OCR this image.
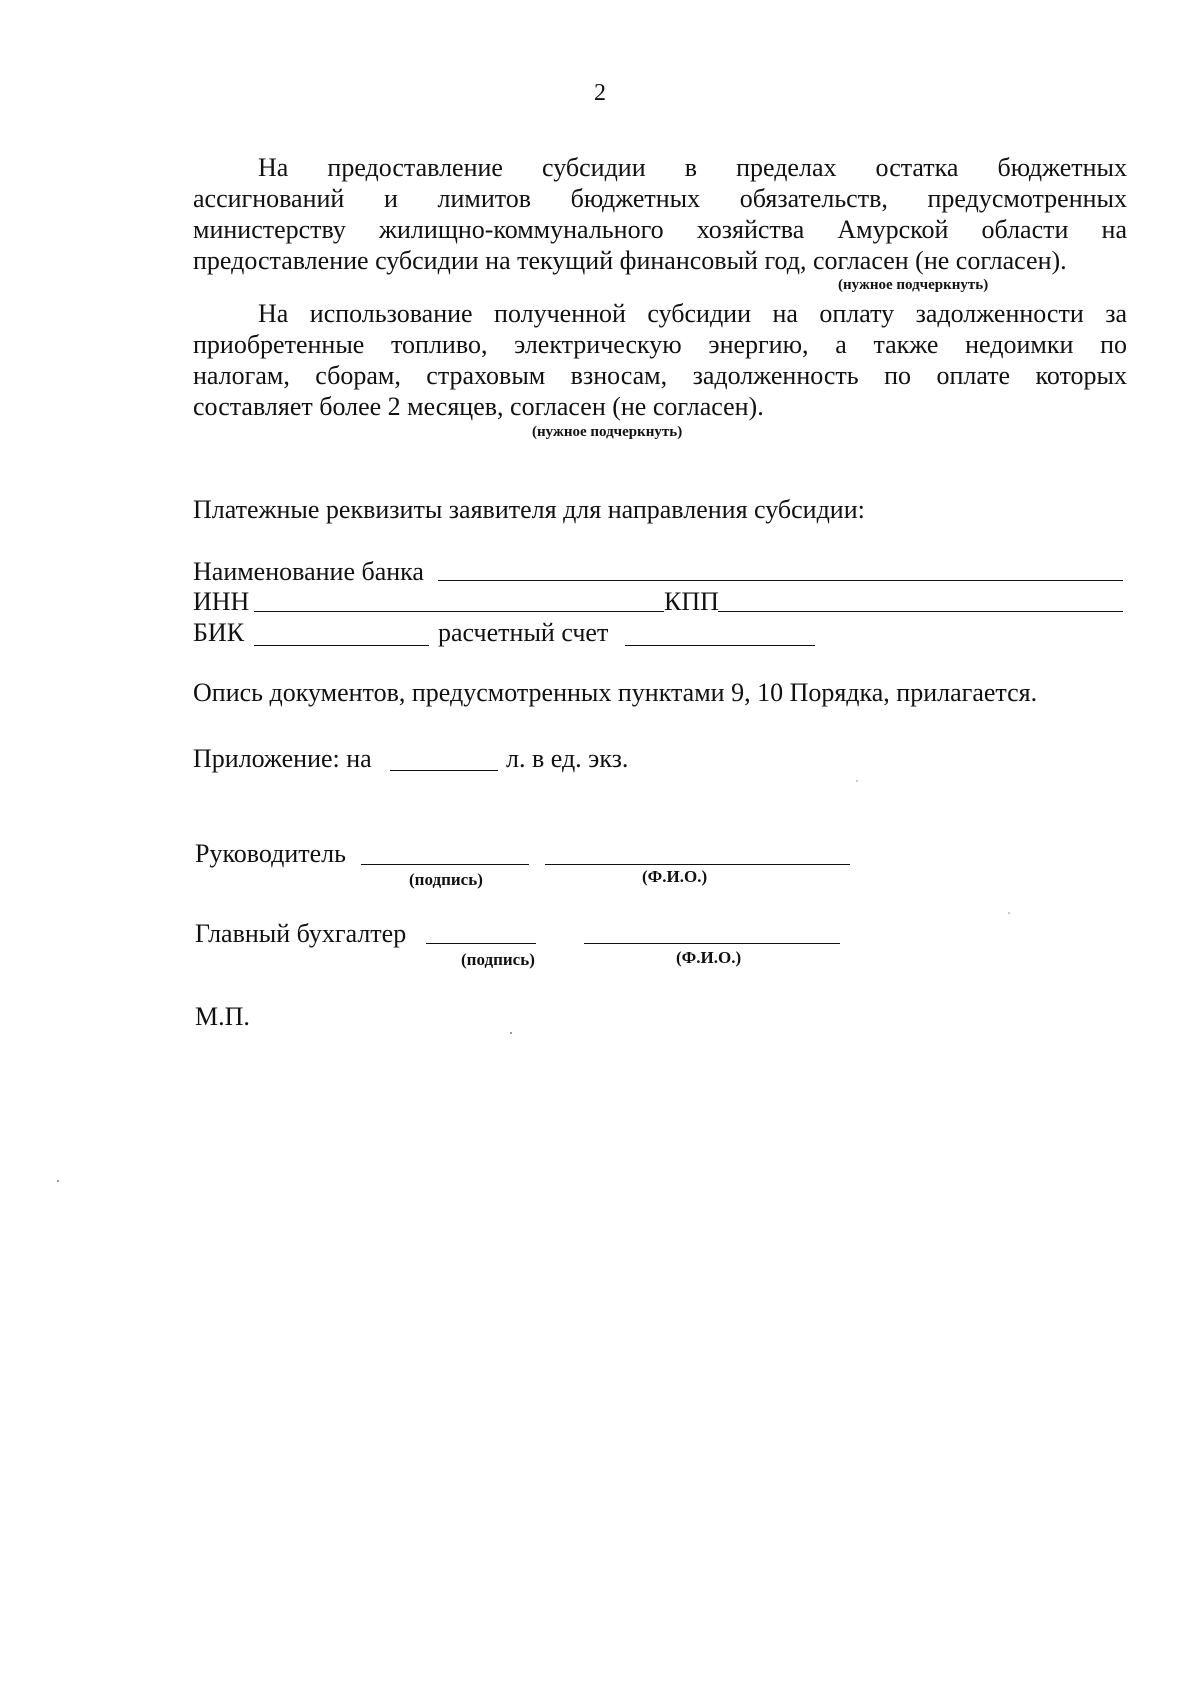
2
На предоставление субсидии в пределах остатка бюджетных
ассигнований и лимитов бюджетных обязательств, предусмотренных
министерству жилищно-коммунального хозяйства Амурской области на
предоставление субсидии на текущий финансовый год, согласен (не согласен).
(нужное подчеркнуть)
На использование полученной субсидии на оплату задолженности за
приобретенные топливо, электрическую энергию, а также недоимки по
налогам, сборам, страховым взносам, задолженность по оплате которых
составляет более 2 месяцев, согласен (не согласен).
(нужное подчеркнуть)
Платежные реквизиты заявителя для направления субсидии:
Наименование банка
ИНН	КПП
БИК	расчетный счет
Опись документов, предусмотренных пунктами 9, 10 Порядка, прилагается.
Приложение: на	л. в ед. экз.
Руководитель
(подпись)	(Ф.И.О.)
Главный бухгалтер
(подпись)	(Ф.И.О.)
М.П.
